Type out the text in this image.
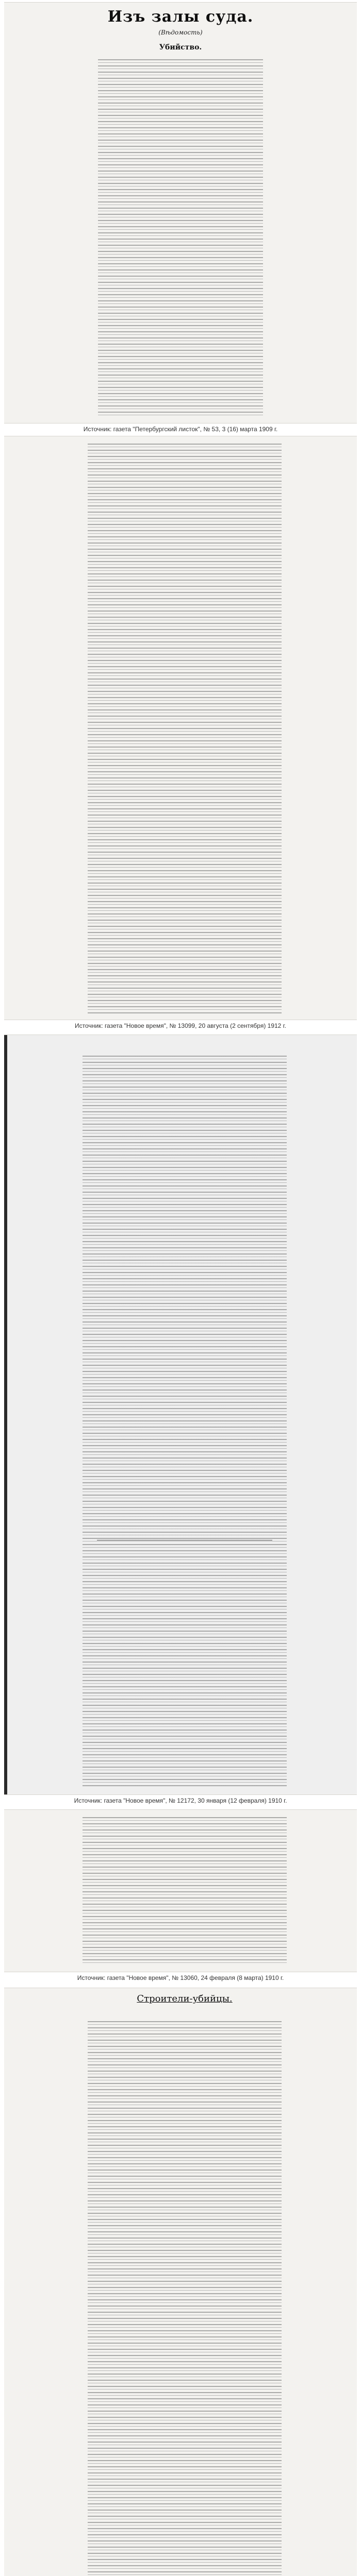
Изъ залы суда.
(Вѣдомость)
Убийство.
Источник: газета "Петербургский листок", № 53, 3 (16) марта 1909 г.
Источник: газета "Новое время", № 13099, 20 августа (2 сентября) 1912 г.
Источник: газета "Новое время", № 12172, 30 января (12 февраля) 1910 г.
Источник: газета "Новое время", № 13060, 24 февраля (8 марта) 1910 г.
Строители-убийцы.
